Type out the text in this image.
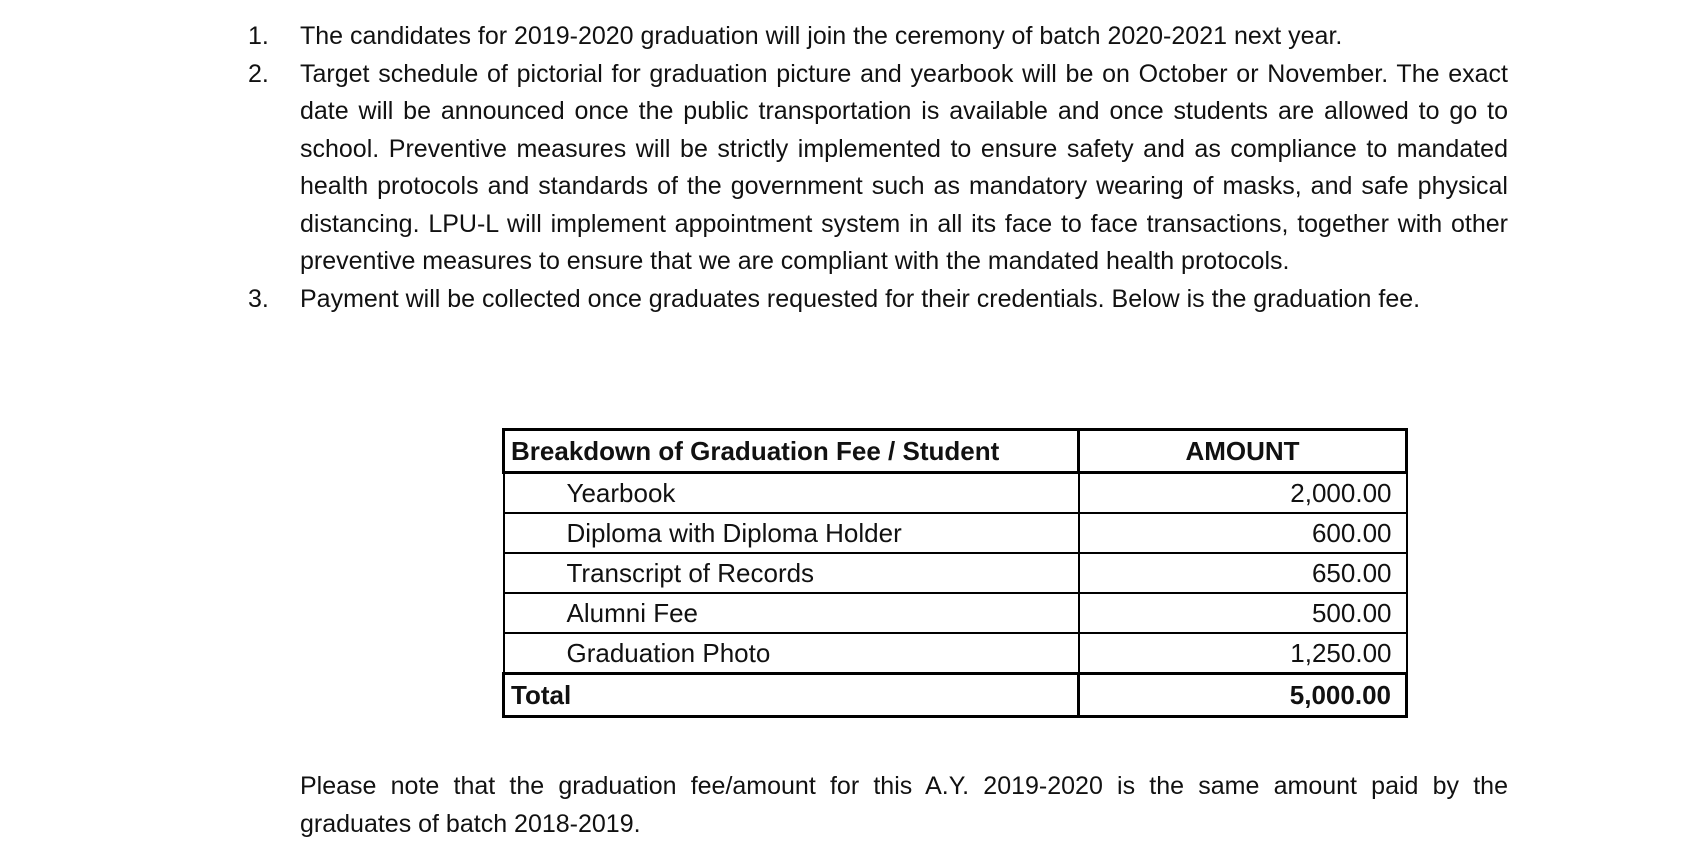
1. The candidates for 2019-2020 graduation will join the ceremony of batch 2020-2021 next year.
2. Target schedule of pictorial for graduation picture and yearbook will be on October or November. The exact date will be announced once the public transportation is available and once students are allowed to go to school. Preventive measures will be strictly implemented to ensure safety and as compliance to mandated health protocols and standards of the government such as mandatory wearing of masks, and safe physical distancing. LPU-L will implement appointment system in all its face to face transactions, together with other preventive measures to ensure that we are compliant with the mandated health protocols.
3. Payment will be collected once graduates requested for their credentials. Below is the graduation fee.
Breakdown of Graduation Fee / Student	AMOUNT
Yearbook	2,000.00
Diploma with Diploma Holder	600.00
Transcript of Records	650.00
Alumni Fee	500.00
Graduation Photo	1,250.00
Total	5,000.00

Please note that the graduation fee/amount for this A.Y. 2019-2020 is the same amount paid by the graduates of batch 2018-2019.
